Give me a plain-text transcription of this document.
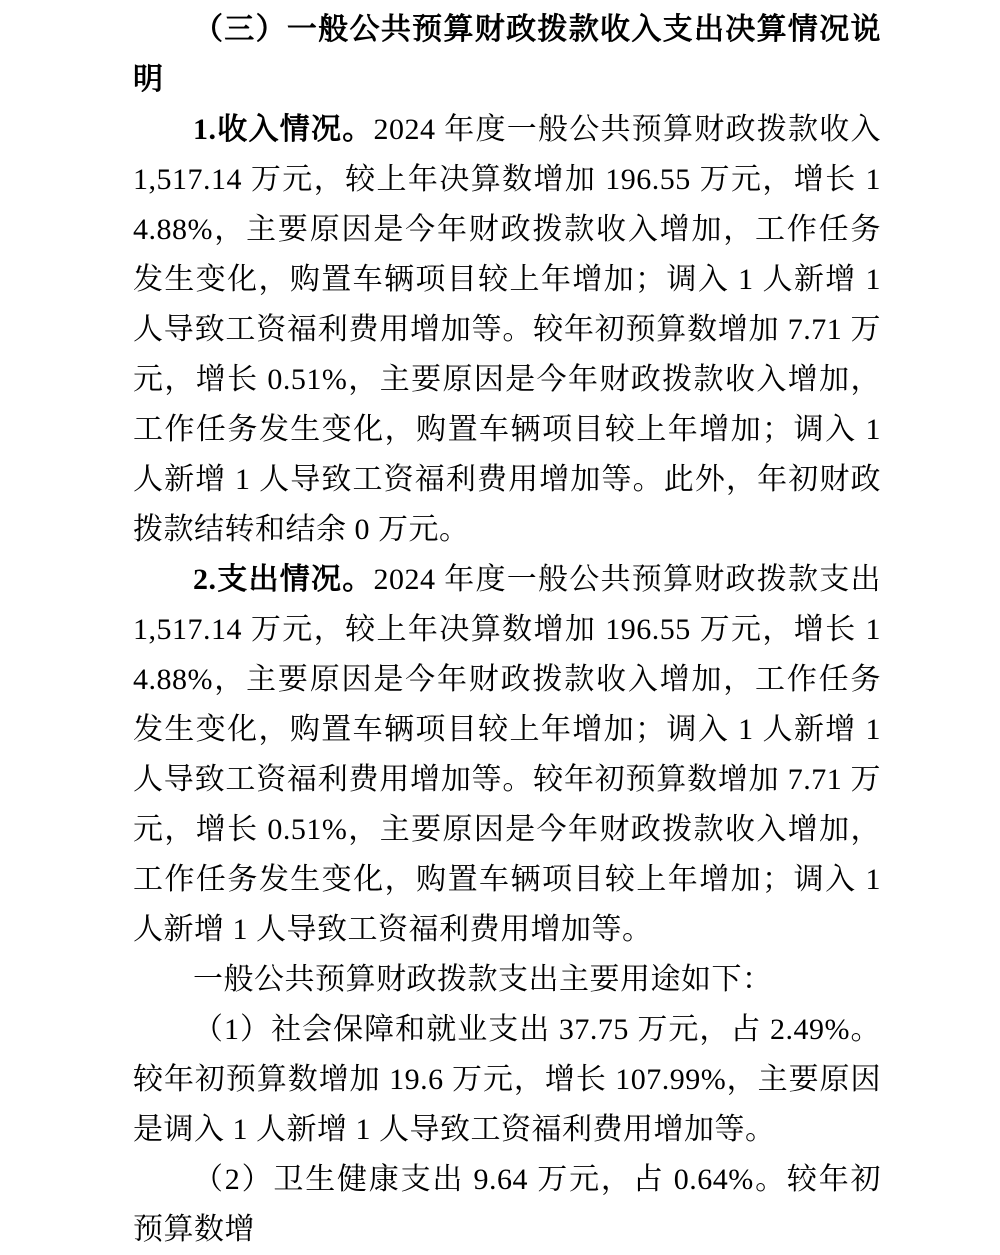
（三）一般公共预算财政拨款收入支出决算情况说明

1.收入情况。2024 年度一般公共预算财政拨款收入 1,517.14 万元，较上年决算数增加 196.55 万元，增长 14.88%，主要原因是今年财政拨款收入增加，工作任务发生变化，购置车辆项目较上年增加；调入 1 人新增 1 人导致工资福利费用增加等。较年初预算数增加 7.71 万元，增长 0.51%，主要原因是今年财政拨款收入增加，工作任务发生变化，购置车辆项目较上年增加；调入 1 人新增 1 人导致工资福利费用增加等。此外，年初财政拨款结转和结余 0 万元。

2.支出情况。2024 年度一般公共预算财政拨款支出 1,517.14 万元，较上年决算数增加 196.55 万元，增长 14.88%，主要原因是今年财政拨款收入增加，工作任务发生变化，购置车辆项目较上年增加；调入 1 人新增 1 人导致工资福利费用增加等。较年初预算数增加 7.71 万元，增长 0.51%，主要原因是今年财政拨款收入增加，工作任务发生变化，购置车辆项目较上年增加；调入 1 人新增 1 人导致工资福利费用增加等。

一般公共预算财政拨款支出主要用途如下：

（1）社会保障和就业支出 37.75 万元，占 2.49%。较年初预算数增加 19.6 万元，增长 107.99%，主要原因是调入 1 人新增 1 人导致工资福利费用增加等。

（2）卫生健康支出 9.64 万元，占 0.64%。较年初预算数增
